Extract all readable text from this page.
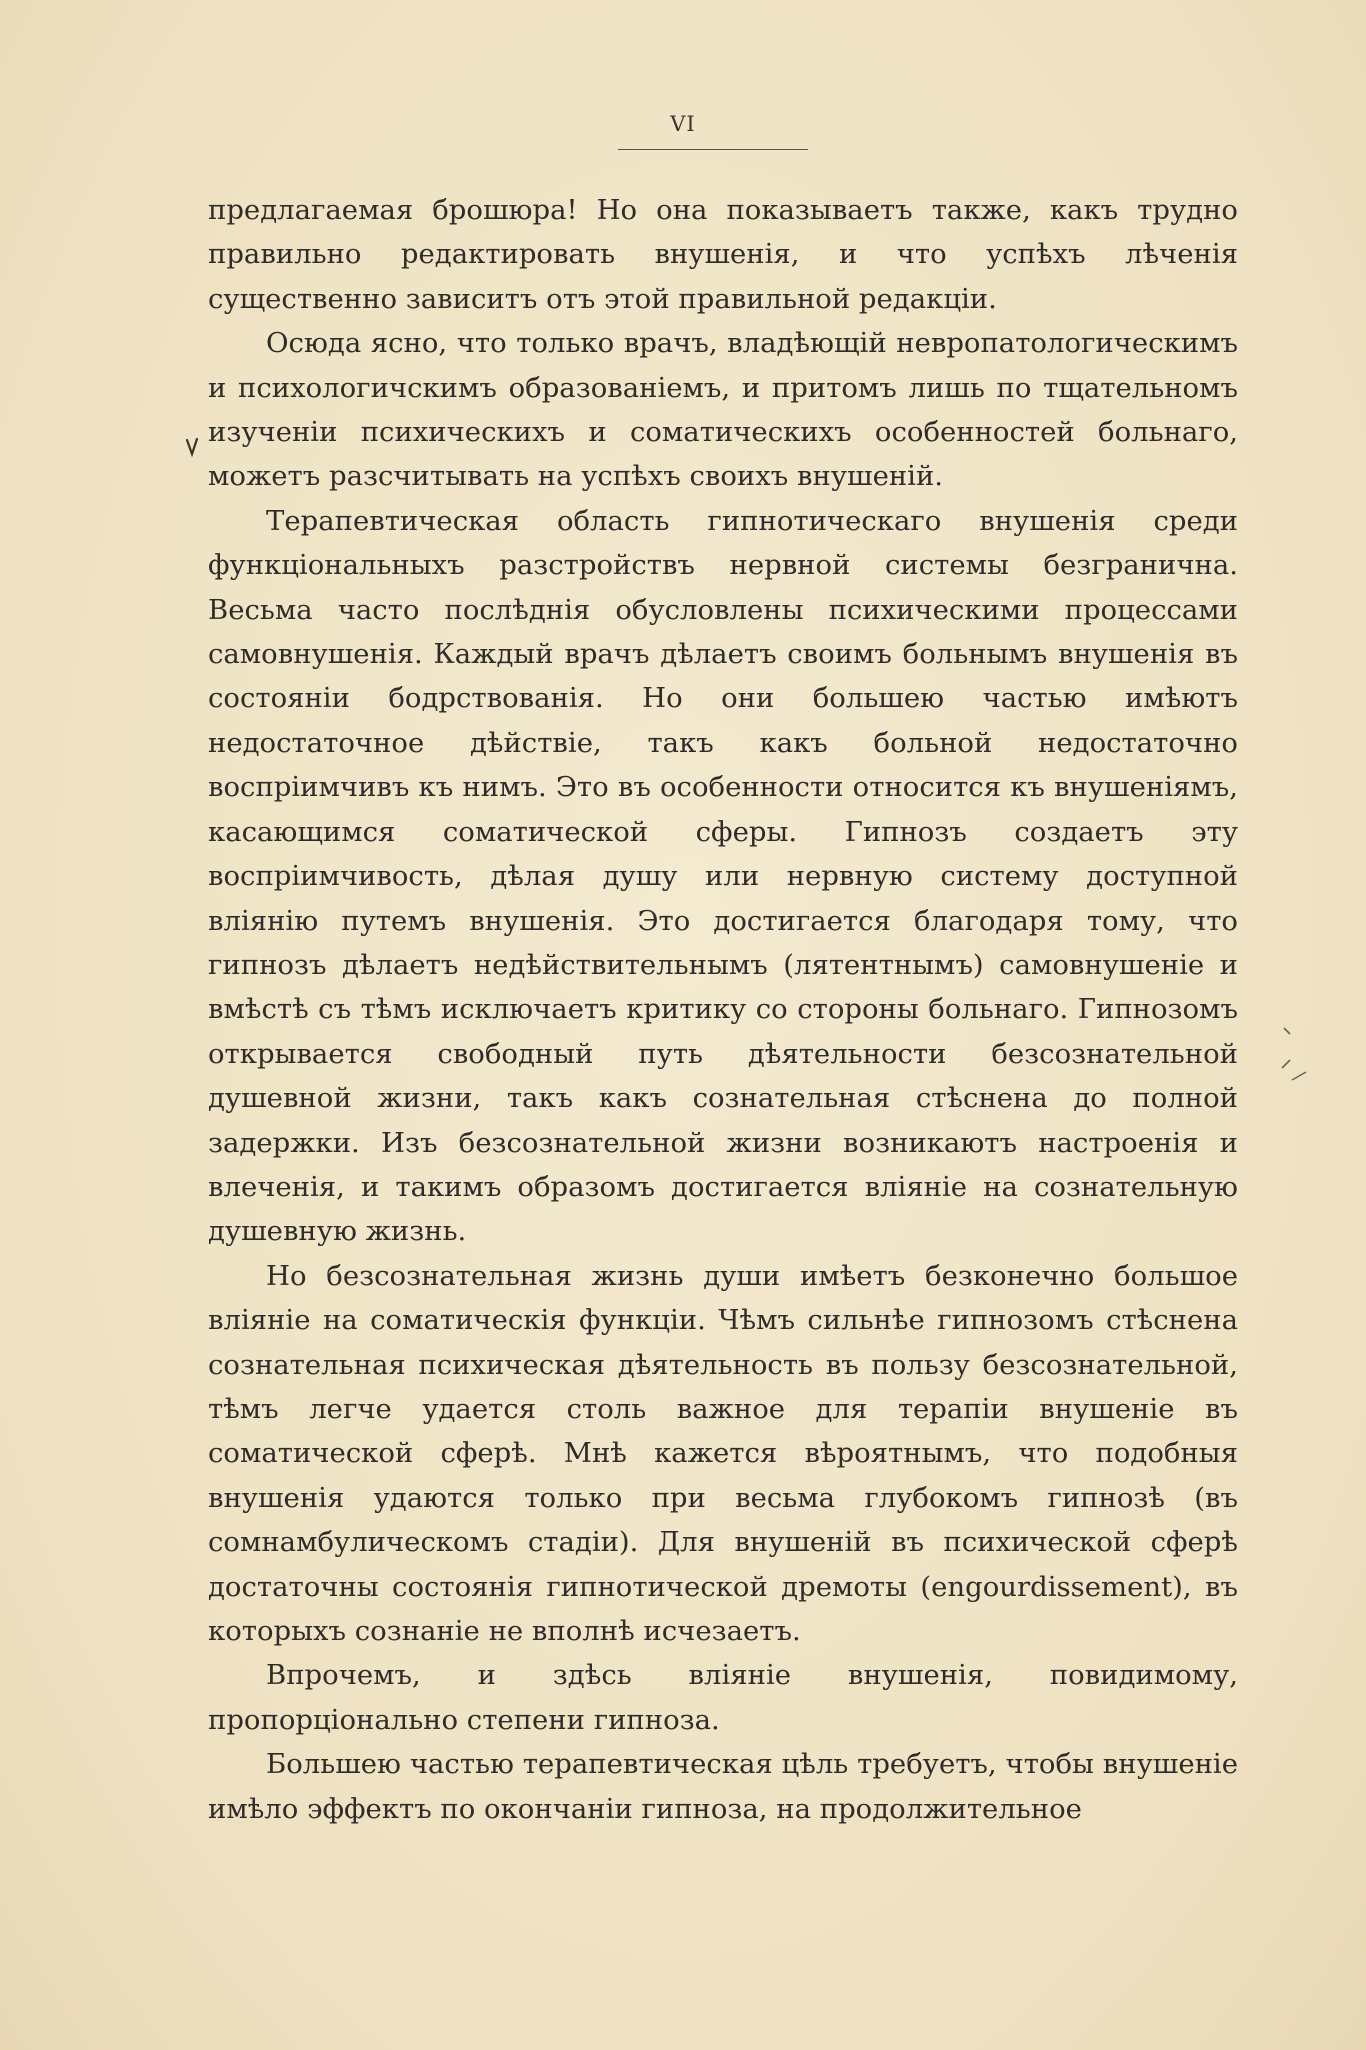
VI

предлагаемая брошюра! Но она показываетъ также, какъ трудно правильно редактировать внушенія, и что успѣхъ лѣченія существенно зависитъ отъ этой правильной редакціи.

Осюда ясно, что только врачъ, владѣющій невропатологическимъ и психологичскимъ образованіемъ, и притомъ лишь по тщательномъ изученіи психическихъ и соматическихъ особенностей больнаго, можетъ разсчитывать на успѣхъ своихъ внушеній.

Терапевтическая область гипнотическаго внушенія среди функціональныхъ разстройствъ нервной системы безгранична. Весьма часто послѣднія обусловлены психическими процессами самовнушенія. Каждый врачъ дѣлаетъ своимъ больнымъ внушенія въ состояніи бодрствованія. Но они большею частью имѣютъ недостаточное дѣйствіе, такъ какъ больной недостаточно воспріимчивъ къ нимъ. Это въ особенности относится къ внушеніямъ, касающимся соматической сферы. Гипнозъ создаетъ эту воспріимчивость, дѣлая душу или нервную систему доступной вліянію путемъ внушенія. Это достигается благодаря тому, что гипнозъ дѣлаетъ недѣйствительнымъ (лятентнымъ) самовнушеніе и вмѣстѣ съ тѣмъ исключаетъ критику со стороны больнаго. Гипнозомъ открывается свободный путь дѣятельности безсознательной душевной жизни, такъ какъ сознательная стѣснена до полной задержки. Изъ безсознательной жизни возникаютъ настроенія и влеченія, и такимъ образомъ достигается вліяніе на сознательную душевную жизнь.

Но безсознательная жизнь души имѣетъ безконечно большое вліяніе на соматическія функціи. Чѣмъ сильнѣе гипнозомъ стѣснена сознательная психическая дѣятельность въ пользу безсознательной, тѣмъ легче удается столь важное для терапіи внушеніе въ соматической сферѣ. Мнѣ кажется вѣроятнымъ, что подобныя внушенія удаются только при весьма глубокомъ гипнозѣ (въ сомнамбулическомъ стадіи). Для внушеній въ психической сферѣ достаточны состоянія гипнотической дремоты (engourdissement), въ которыхъ сознаніе не вполнѣ исчезаетъ.

Впрочемъ, и здѣсь вліяніе внушенія, повидимому, пропорціонально степени гипноза.

Большею частью терапевтическая цѣль требуетъ, чтобы внушеніе имѣло эффектъ по окончаніи гипноза, на продолжительное
